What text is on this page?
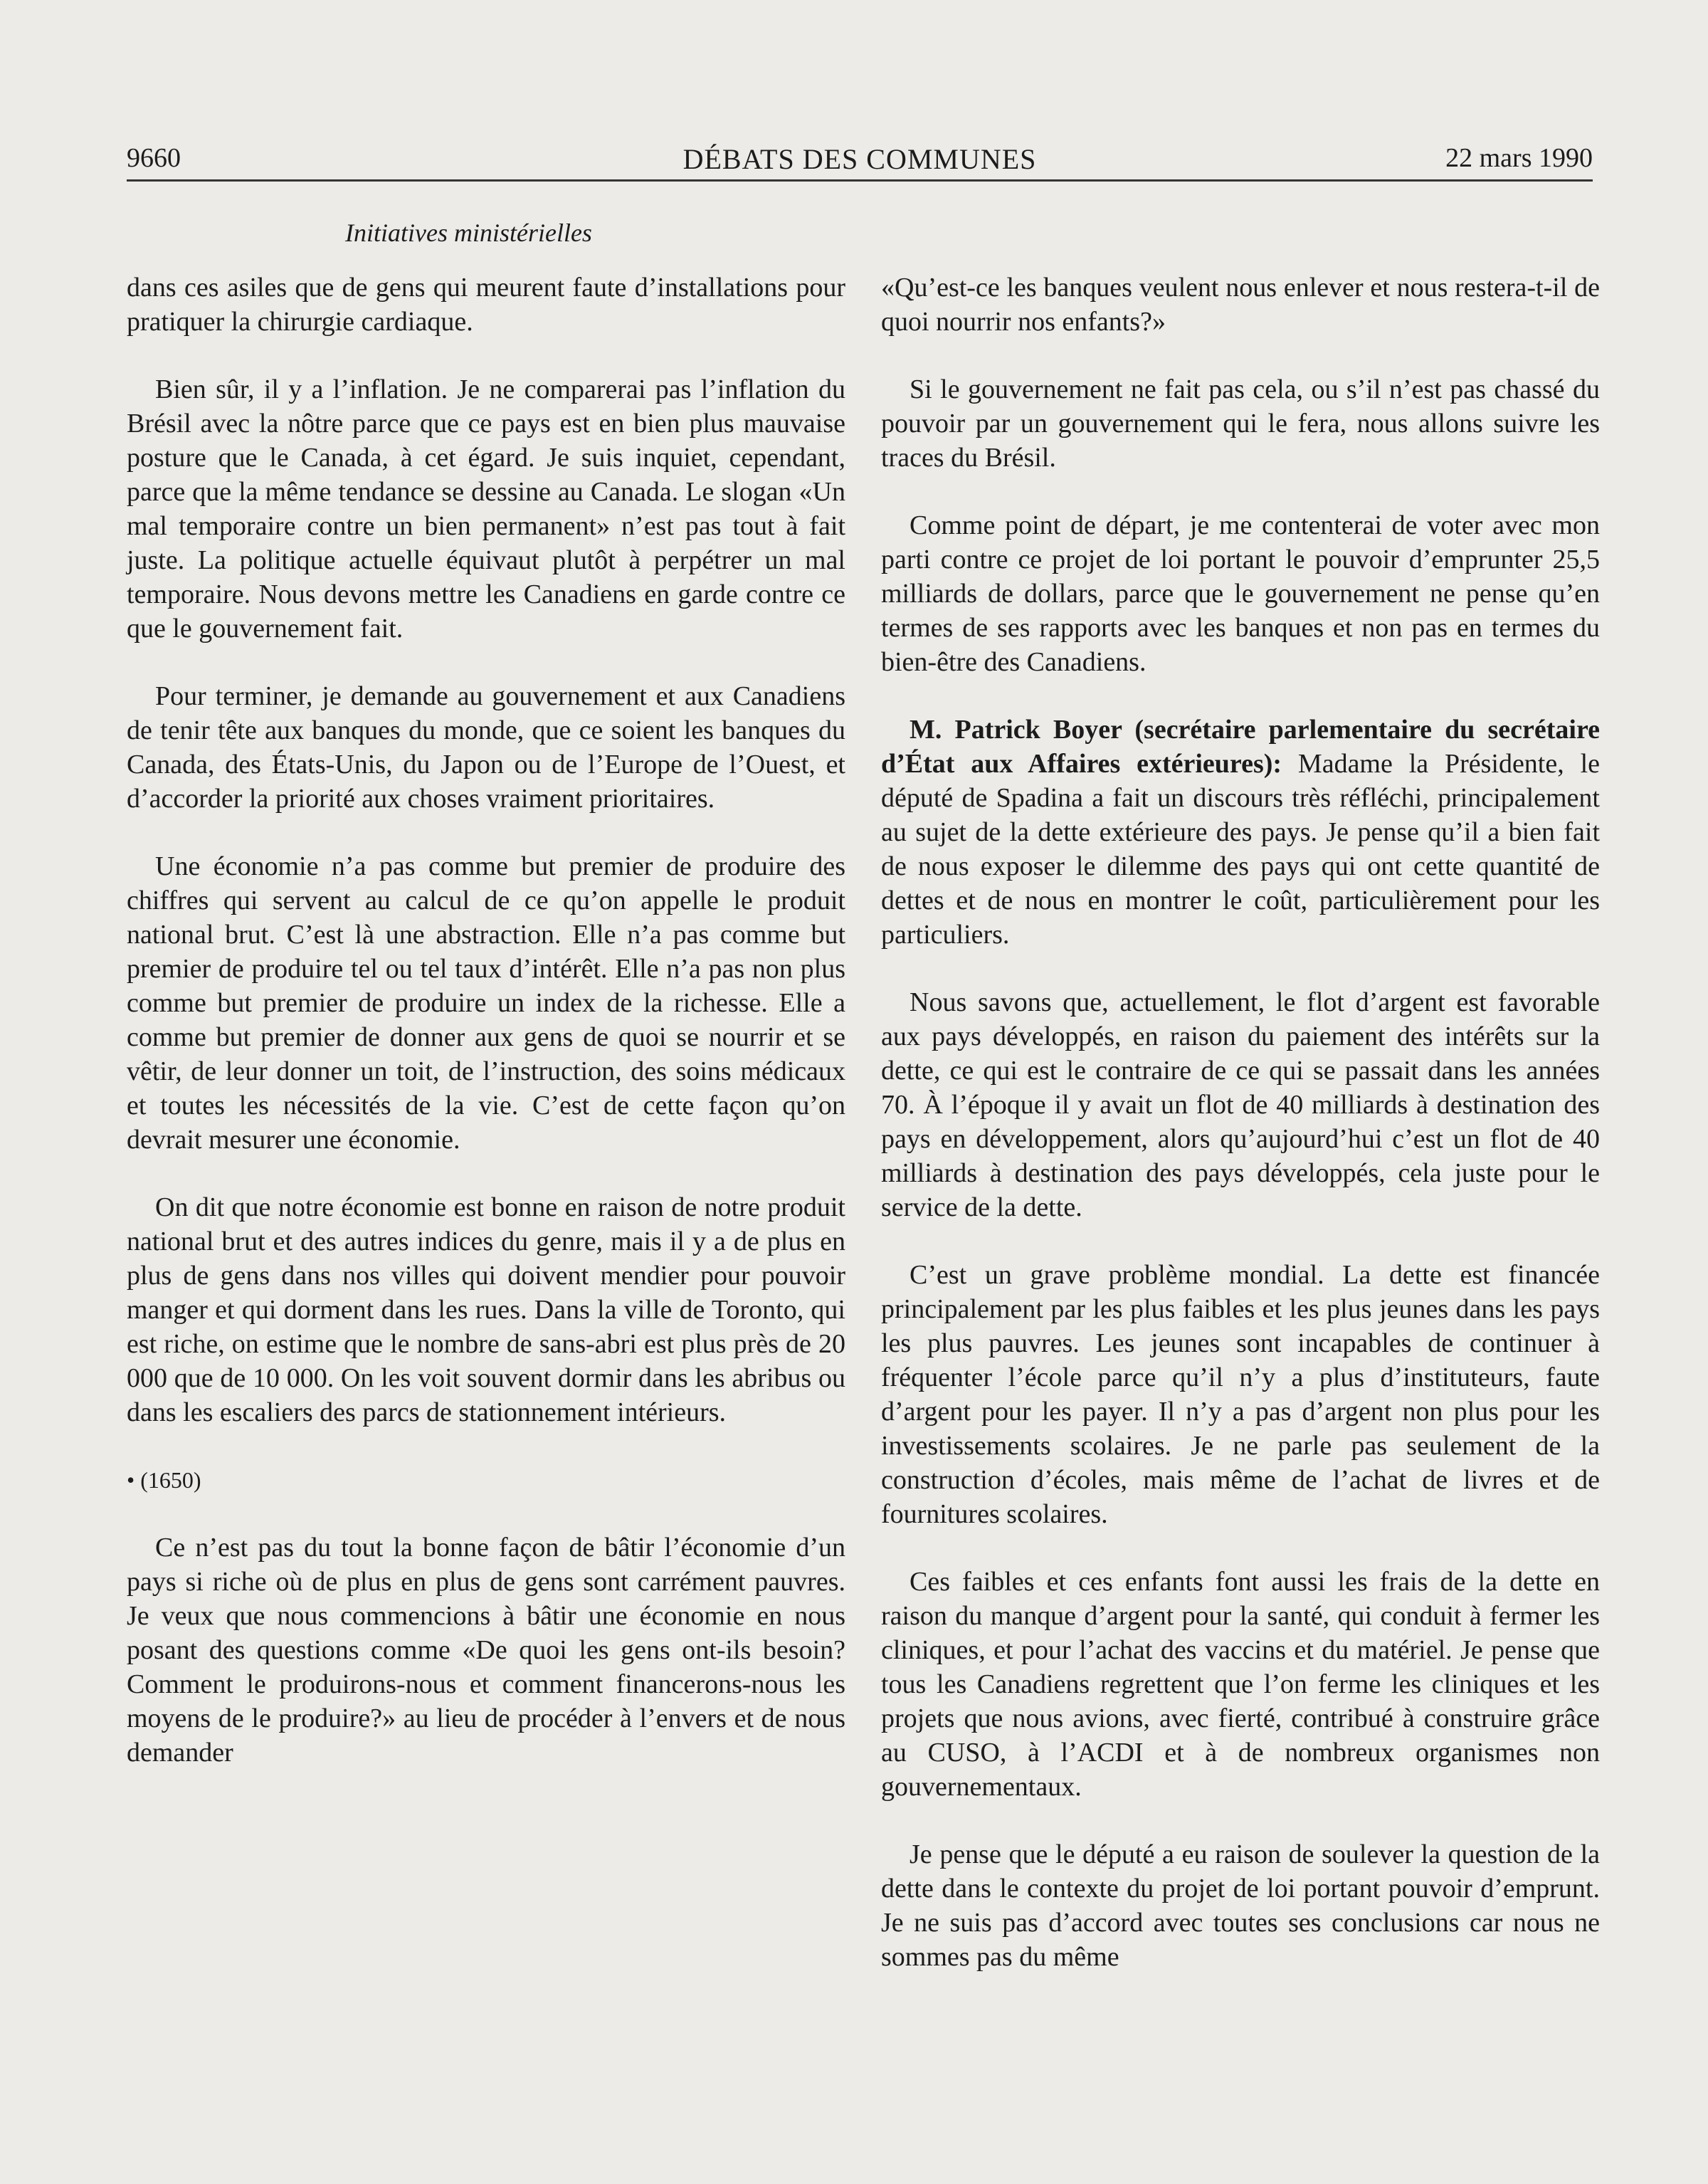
9660	DÉBATS DES COMMUNES	22 mars 1990
Initiatives ministérielles

dans ces asiles que de gens qui meurent faute d’installations pour pratiquer la chirurgie cardiaque.

Bien sûr, il y a l’inflation. Je ne comparerai pas l’inflation du Brésil avec la nôtre parce que ce pays est en bien plus mauvaise posture que le Canada, à cet égard. Je suis inquiet, cependant, parce que la même tendance se dessine au Canada. Le slogan «Un mal temporaire contre un bien permanent» n’est pas tout à fait juste. La politique actuelle équivaut plutôt à perpétrer un mal temporaire. Nous devons mettre les Canadiens en garde contre ce que le gouvernement fait.

Pour terminer, je demande au gouvernement et aux Canadiens de tenir tête aux banques du monde, que ce soient les banques du Canada, des États-Unis, du Japon ou de l’Europe de l’Ouest, et d’accorder la priorité aux choses vraiment prioritaires.

Une économie n’a pas comme but premier de produire des chiffres qui servent au calcul de ce qu’on appelle le produit national brut. C’est là une abstraction. Elle n’a pas comme but premier de produire tel ou tel taux d’intérêt. Elle n’a pas non plus comme but premier de produire un index de la richesse. Elle a comme but premier de donner aux gens de quoi se nourrir et se vêtir, de leur donner un toit, de l’instruction, des soins médicaux et toutes les nécessités de la vie. C’est de cette façon qu’on devrait mesurer une économie.

On dit que notre économie est bonne en raison de notre produit national brut et des autres indices du genre, mais il y a de plus en plus de gens dans nos villes qui doivent mendier pour pouvoir manger et qui dorment dans les rues. Dans la ville de Toronto, qui est riche, on estime que le nombre de sans-abri est plus près de 20 000 que de 10 000. On les voit souvent dormir dans les abribus ou dans les escaliers des parcs de stationnement intérieurs.

• (1650)

Ce n’est pas du tout la bonne façon de bâtir l’économie d’un pays si riche où de plus en plus de gens sont carrément pauvres. Je veux que nous commencions à bâtir une économie en nous posant des questions comme «De quoi les gens ont-ils besoin? Comment le produirons-nous et comment financerons-nous les moyens de le produire?» au lieu de procéder à l’envers et de nous demander

«Qu’est-ce les banques veulent nous enlever et nous restera-t-il de quoi nourrir nos enfants?»

Si le gouvernement ne fait pas cela, ou s’il n’est pas chassé du pouvoir par un gouvernement qui le fera, nous allons suivre les traces du Brésil.

Comme point de départ, je me contenterai de voter avec mon parti contre ce projet de loi portant le pouvoir d’emprunter 25,5 milliards de dollars, parce que le gouvernement ne pense qu’en termes de ses rapports avec les banques et non pas en termes du bien-être des Canadiens.

M. Patrick Boyer (secrétaire parlementaire du secrétaire d’État aux Affaires extérieures): Madame la Présidente, le député de Spadina a fait un discours très réfléchi, principalement au sujet de la dette extérieure des pays. Je pense qu’il a bien fait de nous exposer le dilemme des pays qui ont cette quantité de dettes et de nous en montrer le coût, particulièrement pour les particuliers.

Nous savons que, actuellement, le flot d’argent est favorable aux pays développés, en raison du paiement des intérêts sur la dette, ce qui est le contraire de ce qui se passait dans les années 70. À l’époque il y avait un flot de 40 milliards à destination des pays en développement, alors qu’aujourd’hui c’est un flot de 40 milliards à destination des pays développés, cela juste pour le service de la dette.

C’est un grave problème mondial. La dette est financée principalement par les plus faibles et les plus jeunes dans les pays les plus pauvres. Les jeunes sont incapables de continuer à fréquenter l’école parce qu’il n’y a plus d’instituteurs, faute d’argent pour les payer. Il n’y a pas d’argent non plus pour les investissements scolaires. Je ne parle pas seulement de la construction d’écoles, mais même de l’achat de livres et de fournitures scolaires.

Ces faibles et ces enfants font aussi les frais de la dette en raison du manque d’argent pour la santé, qui conduit à fermer les cliniques, et pour l’achat des vaccins et du matériel. Je pense que tous les Canadiens regrettent que l’on ferme les cliniques et les projets que nous avions, avec fierté, contribué à construire grâce au CUSO, à l’ACDI et à de nombreux organismes non gouvernementaux.

Je pense que le député a eu raison de soulever la question de la dette dans le contexte du projet de loi portant pouvoir d’emprunt. Je ne suis pas d’accord avec toutes ses conclusions car nous ne sommes pas du même
